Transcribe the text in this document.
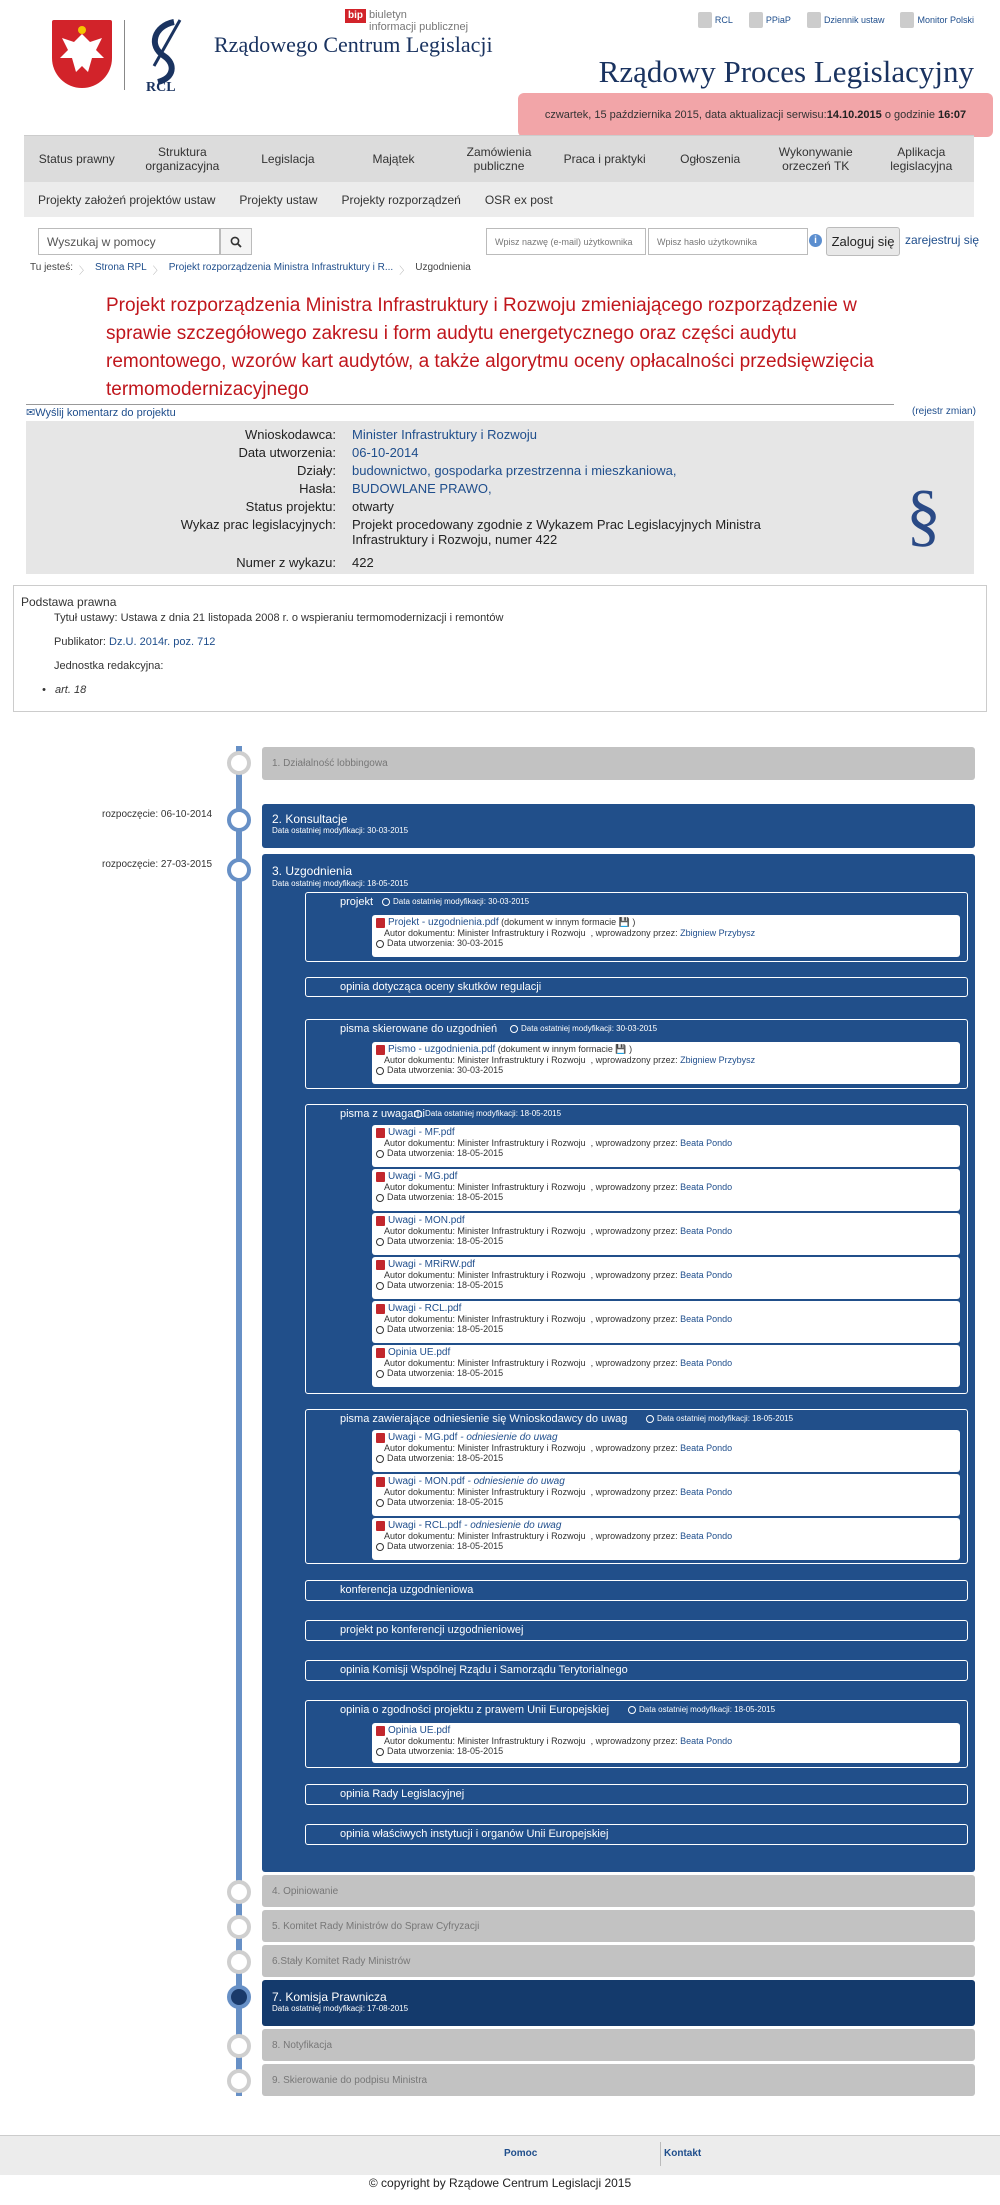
RCL
Rządowego Centrum Legislacji
bip biuletyn
informacji publicznej
RCL	PPiaP	Dziennik ustaw	Monitor Polski
Rządowy Proces Legislacyjny
czwartek, 15 października 2015, data aktualizacji serwisu: 14.10.2015 o godzinie 16:07
Status prawny	Struktura organizacyjna	Legislacja	Majątek	Zamówienia publiczne	Praca i praktyki	Ogłoszenia	Wykonywanie orzeczeń TK
Aplikacja legislacyjna
Projekty założeń projektów ustaw Projekty ustaw Projekty rozporządzeń OSR ex post
Wyszukaj w pomocy	Wpisz nazwę (e-mail) użytkownika	Wpisz hasło użytkownika	i	Zaloguj się zarejestruj się
Tu jesteś: 〉 Strona RPL 〉 Projekt rozporządzenia Ministra Infrastruktury i R... 〉 Uzgodnienia
Projekt rozporządzenia Ministra Infrastruktury i Rozwoju zmieniającego rozporządzenie w sprawie szczegółowego zakresu i form audytu energetycznego oraz części audytu remontowego, wzorów kart audytów, a także algorytmu oceny opłacalności przedsięwzięcia termomodernizacyjnego
✉Wyślij komentarz do projektu	(rejestr zmian)
Wnioskodawca: Minister Infrastruktury i Rozwoju
Data utworzenia: 06-10-2014
Działy: budownictwo, gospodarka przestrzenna i mieszkaniowa,
Hasła: BUDOWLANE PRAWO,
Status projektu: otwarty
Wykaz prac legislacyjnych: Projekt procedowany zgodnie z Wykazem Prac Legislacyjnych Ministra
Infrastruktury i Rozwoju, numer 422
Numer z wykazu: 422
§
Podstawa prawna
Tytuł ustawy: Ustawa z dnia 21 listopada 2008 r. o wspieraniu termomodernizacji i remontów
Publikator: Dz.U. 2014r. poz. 712
Jednostka redakcyjna:
•   art. 18
1. Działalność lobbingowa
rozpoczęcie: 06-10-2014	2. Konsultacje
Data ostatniej modyfikacji: 30-03-2015
rozpoczęcie: 27-03-2015	3. Uzgodnienia
Data ostatniej modyfikacji: 18-05-2015
projekt	Data ostatniej modyfikacji: 30-03-2015
Projekt - uzgodnienia.pdf (dokument w innym formacie 💾 )
Autor dokumentu: Minister Infrastruktury i Rozwoju  , wprowadzony przez: Zbigniew Przybysz
Data utworzenia: 30-03-2015
opinia dotycząca oceny skutków regulacji
pisma skierowane do uzgodnień	Data ostatniej modyfikacji: 30-03-2015
Pismo - uzgodnienia.pdf (dokument w innym formacie 💾 )
Autor dokumentu: Minister Infrastruktury i Rozwoju  , wprowadzony przez: Zbigniew Przybysz
Data utworzenia: 30-03-2015
pisma z uwagami Data ostatniej modyfikacji: 18-05-2015
Uwagi - MF.pdf
Autor dokumentu: Minister Infrastruktury i Rozwoju  , wprowadzony przez: Beata Pondo
Data utworzenia: 18-05-2015
Uwagi - MG.pdf
Autor dokumentu: Minister Infrastruktury i Rozwoju  , wprowadzony przez: Beata Pondo
Data utworzenia: 18-05-2015
Uwagi - MON.pdf
Autor dokumentu: Minister Infrastruktury i Rozwoju  , wprowadzony przez: Beata Pondo
Data utworzenia: 18-05-2015
Uwagi - MRiRW.pdf
Autor dokumentu: Minister Infrastruktury i Rozwoju  , wprowadzony przez: Beata Pondo
Data utworzenia: 18-05-2015
Uwagi - RCL.pdf
Autor dokumentu: Minister Infrastruktury i Rozwoju  , wprowadzony przez: Beata Pondo
Data utworzenia: 18-05-2015
Opinia UE.pdf
Autor dokumentu: Minister Infrastruktury i Rozwoju  , wprowadzony przez: Beata Pondo
Data utworzenia: 18-05-2015
pisma zawierające odniesienie się Wnioskodawcy do uwag	Data ostatniej modyfikacji: 18-05-2015
Uwagi - MG.pdf - odniesienie do uwag
Autor dokumentu: Minister Infrastruktury i Rozwoju  , wprowadzony przez: Beata Pondo
Data utworzenia: 18-05-2015
Uwagi - MON.pdf - odniesienie do uwag
Autor dokumentu: Minister Infrastruktury i Rozwoju  , wprowadzony przez: Beata Pondo
Data utworzenia: 18-05-2015
Uwagi - RCL.pdf - odniesienie do uwag
Autor dokumentu: Minister Infrastruktury i Rozwoju  , wprowadzony przez: Beata Pondo
Data utworzenia: 18-05-2015
konferencja uzgodnieniowa
projekt po konferencji uzgodnieniowej
opinia Komisji Wspólnej Rządu i Samorządu Terytorialnego
opinia o zgodności projektu z prawem Unii Europejskiej	Data ostatniej modyfikacji: 18-05-2015
Opinia UE.pdf
Autor dokumentu: Minister Infrastruktury i Rozwoju  , wprowadzony przez: Beata Pondo
Data utworzenia: 18-05-2015
opinia Rady Legislacyjnej
opinia właściwych instytucji i organów Unii Europejskiej
4. Opiniowanie
5. Komitet Rady Ministrów do Spraw Cyfryzacji
6.Stały Komitet Rady Ministrów
7. Komisja Prawnicza
Data ostatniej modyfikacji: 17-08-2015
8. Notyfikacja
9. Skierowanie do podpisu Ministra
Pomoc	Kontakt
© copyright by Rządowe Centrum Legislacji 2015
